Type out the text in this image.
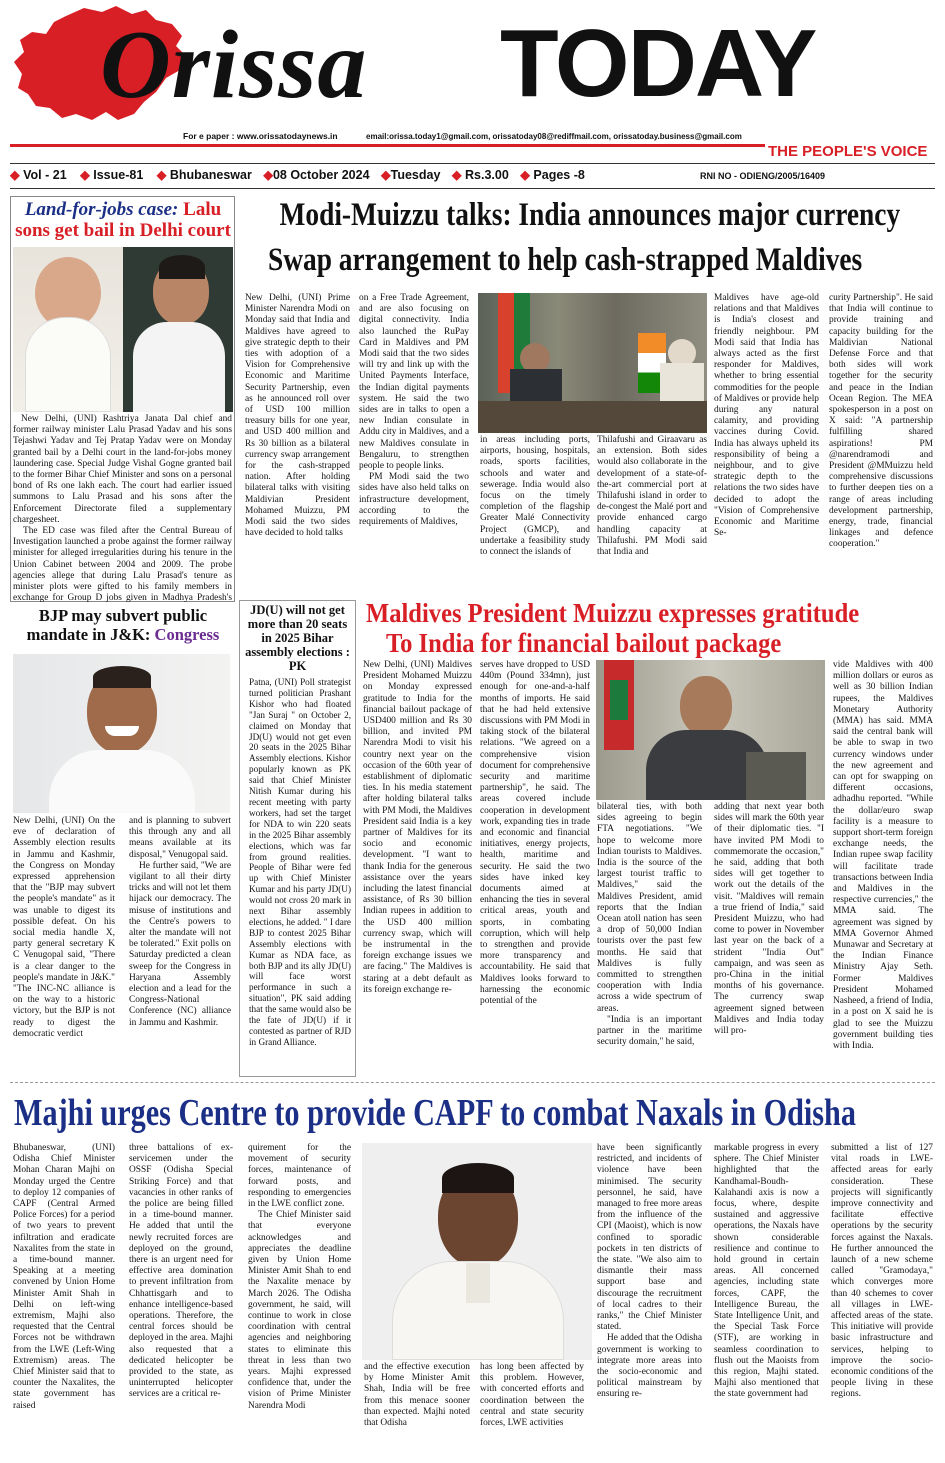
Orissa TODAY
For e paper : www.orissatodaynews.in	email:orissa.today1@gmail.com, orissatoday08@rediffmail.com, orissatoday.business@gmail.com
THE PEOPLE'S VOICE
◆ Vol - 21 ◆ Issue-81 ◆ Bhubaneswar ◆08 October 2024 ◆Tuesday ◆ Rs.3.00 ◆ Pages -8	RNI NO - ODIENG/2005/16409
Land-for-jobs case: Lalu sons get bail in Delhi court

New Delhi, (UNI) Rashtriya Janata Dal chief and former railway minister Lalu Prasad Yadav and his sons Tejashwi Yadav and Tej Pratap Yadav were on Monday granted bail by a Delhi court in the land-for-jobs money laundering case. Special Judge Vishal Gogne granted bail to the former Bihar Chief Minister and sons on a personal bond of Rs one lakh each. The court had earlier issued summons to Lalu Prasad and his sons after the Enforcement Directorate filed a supplementary chargesheet.

The ED case was filed after the Central Bureau of Investigation launched a probe against the former railway minister for alleged irregularities during his tenure in the Union Cabinet between 2004 and 2009. The probe agencies allege that during Lalu Prasad's tenure as minister plots were gifted to his family members in exchange for Group D jobs given in Madhya Pradesh's

Modi-Muizzu talks: India announces major currency
Swap arrangement to help cash-strapped Maldives
New Delhi, (UNI) Prime Minister Narendra Modi on Monday said that India and Maldives have agreed to give strategic depth to their ties with adoption of a Vision for Comprehensive Economic and Maritime Security Partnership, even as he announced roll over of USD 100 million treasury bills for one year, and USD 400 million and Rs 30 billion as a bilateral currency swap arrangement for the cash-strapped nation. After holding bilateral talks with visiting Maldivian President Mohamed Muizzu, PM Modi said the two sides have decided to hold talks
on a Free Trade Agreement, and are also focusing on digital connectivity. India also launched the RuPay Card in Maldives and PM Modi said that the two sides will try and link up with the United Payments Interface, the Indian digital payments system. He said the two sides are in talks to open a new Indian consulate in Addu city in Maldives, and a new Maldives consulate in Bengaluru, to strengthen people to people links.

PM Modi said the two sides have also held talks on infrastructure development, according to the requirements of Maldives,

in areas including ports, airports, housing, hospitals, roads, sports facilities, schools and water and sewerage. India would also focus on the timely completion of the flagship Greater Malé Connectivity Project (GMCP), and undertake a feasibility study to connect the islands of
Thilafushi and Giraavaru as an extension. Both sides would also collaborate in the development of a state-of-the-art commercial port at Thilafushi island in order to de-congest the Malé port and provide enhanced cargo handling capacity at Thilafushi. PM Modi said that India and
Maldives have age-old relations and that Maldives is India's closest and friendly neighbour. PM Modi said that India has always acted as the first responder for Maldives, whether to bring essential commodities for the people of Maldives or provide help during any natural calamity, and providing vaccines during Covid. India has always upheld its responsibility of being a neighbour, and to give strategic depth to the relations the two sides have decided to adopt the "Vision of Comprehensive Economic and Maritime Se-
curity Partnership". He said that India will continue to provide training and capacity building for the Maldivian National Defense Force and that both sides will work together for the security and peace in the Indian Ocean Region. The MEA spokesperson in a post on X said: "A partnership fulfilling shared aspirations! PM @narendramodi and President @MMuizzu held comprehensive discussions to further deepen ties on a range of areas including development partnership, energy, trade, financial linkages and defence cooperation."
BJP may subvert public mandate in J&K: Congress
New Delhi, (UNI) On the eve of declaration of Assembly election results in Jammu and Kashmir, the Congress on Monday expressed apprehension that the "BJP may subvert the people's mandate" as it was unable to digest its possible defeat. On his social media handle X, party general secretary K C Venugopal said, "There is a clear danger to the people's mandate in J&K." "The INC-NC alliance is on the way to a historic victory, but the BJP is not ready to digest the democratic verdict
and is planning to subvert this through any and all means available at its disposal," Venugopal said.

He further said, "We are vigilant to all their dirty tricks and will not let them hijack our democracy. The misuse of institutions and the Centre's powers to alter the mandate will not be tolerated." Exit polls on Saturday predicted a clean sweep for the Congress in Haryana Assembly election and a lead for the Congress-National Conference (NC) alliance in Jammu and Kashmir.

JD(U) will not get more than 20 seats in 2025 Bihar assembly elections : PK
Patna, (UNI) Poll strategist turned politician Prashant Kishor who had floated "Jan Suraj " on October 2, claimed on Monday that JD(U) would not get even 20 seats in the 2025 Bihar Assembly elections. Kishor popularly known as PK said that Chief Minister Nitish Kumar during his recent meeting with party workers, had set the target for NDA to win 220 seats in the 2025 Bihar assembly elections, which was far from ground realities. People of Bihar were fed up with Chief Minister Kumar and his party JD(U) would not cross 20 mark in next Bihar assembly elections, he added. " I dare BJP to contest 2025 Bihar Assembly elections with Kumar as NDA face, as both BJP and its ally JD(U) will face worst performance in such a situation", PK said adding that the same would also be the fate of JD(U) if it contested as partner of RJD in Grand Alliance.
Maldives President Muizzu expresses gratitude
To India for financial bailout package
New Delhi, (UNI) Maldives President Mohamed Muizzu on Monday expressed gratitude to India for the financial bailout package of USD400 million and Rs 30 billion, and invited PM Narendra Modi to visit his country next year on the occasion of the 60th year of establishment of diplomatic ties. In his media statement after holding bilateral talks with PM Modi, the Maldives President said India is a key partner of Maldives for its socio and economic development. "I want to thank India for the generous assistance over the years including the latest financial assistance, of Rs 30 billion Indian rupees in addition to the USD 400 million currency swap, which will be instrumental in the foreign exchange issues we are facing." The Maldives is staring at a debt default as its foreign exchange re-
serves have dropped to USD 440m (Pound 334mn), just enough for one-and-a-half months of imports. He said that he had held extensive discussions with PM Modi in taking stock of the bilateral relations. "We agreed on a comprehensive vision document for comprehensive security and maritime partnership", he said. The areas covered include cooperation in development work, expanding ties in trade and economic and financial initiatives, energy projects, health, maritime and security. He said the two sides have inked key documents aimed at enhancing the ties in several critical areas, youth and sports, in combating corruption, which will help to strengthen and provide more transparency and accountability. He said that Maldives looks forward to harnessing the economic potential of the
bilateral ties, with both sides agreeing to begin FTA negotiations. "We hope to welcome more Indian tourists to Maldives. India is the source of the largest tourist traffic to Maldives," said the Maldives President, amid reports that the Indian Ocean atoll nation has seen a drop of 50,000 Indian tourists over the past few months. He said that Maldives is fully committed to strengthen cooperation with India across a wide spectrum of areas.

"India is an important partner in the maritime security domain," he said,

adding that next year both sides will mark the 60th year of their diplomatic ties. "I have invited PM Modi to commemorate the occasion," he said, adding that both sides will get together to work out the details of the visit. "Maldives will remain a true friend of India," said President Muizzu, who had come to power in November last year on the back of a strident "India Out" campaign, and was seen as pro-China in the initial months of his governance. The currency swap agreement signed between Maldives and India today will pro-
vide Maldives with 400 million dollars or euros as well as 30 billion Indian rupees, the Maldives Monetary Authority (MMA) has said. MMA said the central bank will be able to swap in two currency windows under the new agreement and can opt for swapping on different occasions, adhadhu reported. "While the dollar/euro swap facility is a measure to support short-term foreign exchange needs, the Indian rupee swap facility will facilitate trade transactions between India and Maldives in the respective currencies," the MMA said. The agreement was signed by MMA Governor Ahmed Munawar and Secretary at the Indian Finance Ministry Ajay Seth. Former Maldives President Mohamed Nasheed, a friend of India, in a post on X said he is glad to see the Muizzu government building ties with India.
Majhi urges Centre to provide CAPF to combat Naxals in Odisha
Bhubaneswar, (UNI) Odisha Chief Minister Mohan Charan Majhi on Monday urged the Centre to deploy 12 companies of CAPF (Central Armed Police Forces) for a period of two years to prevent infiltration and eradicate Naxalites from the state in a time-bound manner. Speaking at a meeting convened by Union Home Minister Amit Shah in Delhi on left-wing extremism, Majhi also requested that the Central Forces not be withdrawn from the LWE (Left-Wing Extremism) areas. The Chief Minister said that to counter the Naxalites, the state government has raised
three battalions of ex-servicemen under the OSSF (Odisha Special Striking Force) and that vacancies in other ranks of the police are being filled in a time-bound manner. He added that until the newly recruited forces are deployed on the ground, there is an urgent need for effective area domination to prevent infiltration from Chhattisgarh and to enhance intelligence-based operations. Therefore, the central forces should be deployed in the area. Majhi also requested that a dedicated helicopter be provided to the state, as uninterrupted helicopter services are a critical re-
quirement for the movement of security forces, maintenance of forward posts, and responding to emergencies in the LWE conflict zone.

The Chief Minister said that everyone acknowledges and appreciates the deadline given by Union Home Minister Amit Shah to end the Naxalite menace by March 2026. The Odisha government, he said, will continue to work in close coordination with central agencies and neighboring states to eliminate this threat in less than two years. Majhi expressed confidence that, under the vision of Prime Minister Narendra Modi

and the effective execution by Home Minister Amit Shah, India will be free from this menace sooner than expected. Majhi noted that Odisha
has long been affected by this problem. However, with concerted efforts and coordination between the central and state security forces, LWE activities
have been significantly restricted, and incidents of violence have been minimised. The security personnel, he said, have managed to free more areas from the influence of the CPI (Maoist), which is now confined to sporadic pockets in ten districts of the state. "We also aim to dismantle their mass support base and discourage the recruitment of local cadres to their ranks," the Chief Minister stated.

He added that the Odisha government is working to integrate more areas into the socio-economic and political mainstream by ensuring re-

markable progress in every sphere. The Chief Minister highlighted that the Kandhamal-Boudh-Kalahandi axis is now a focus, where, despite sustained and aggressive operations, the Naxals have shown considerable resilience and continue to hold ground in certain areas. All concerned agencies, including state forces, CAPF, the Intelligence Bureau, the State Intelligence Unit, and the Special Task Force (STF), are working in seamless coordination to flush out the Maoists from this region, Majhi stated. Majhi also mentioned that the state government had
submitted a list of 127 vital roads in LWE-affected areas for early consideration. These projects will significantly improve connectivity and facilitate effective operations by the security forces against the Naxals. He further announced the launch of a new scheme called "Gramodaya," which converges more than 40 schemes to cover all villages in LWE-affected areas of the state. This initiative will provide basic infrastructure and services, helping to improve the socio-economic conditions of the people living in these regions.
